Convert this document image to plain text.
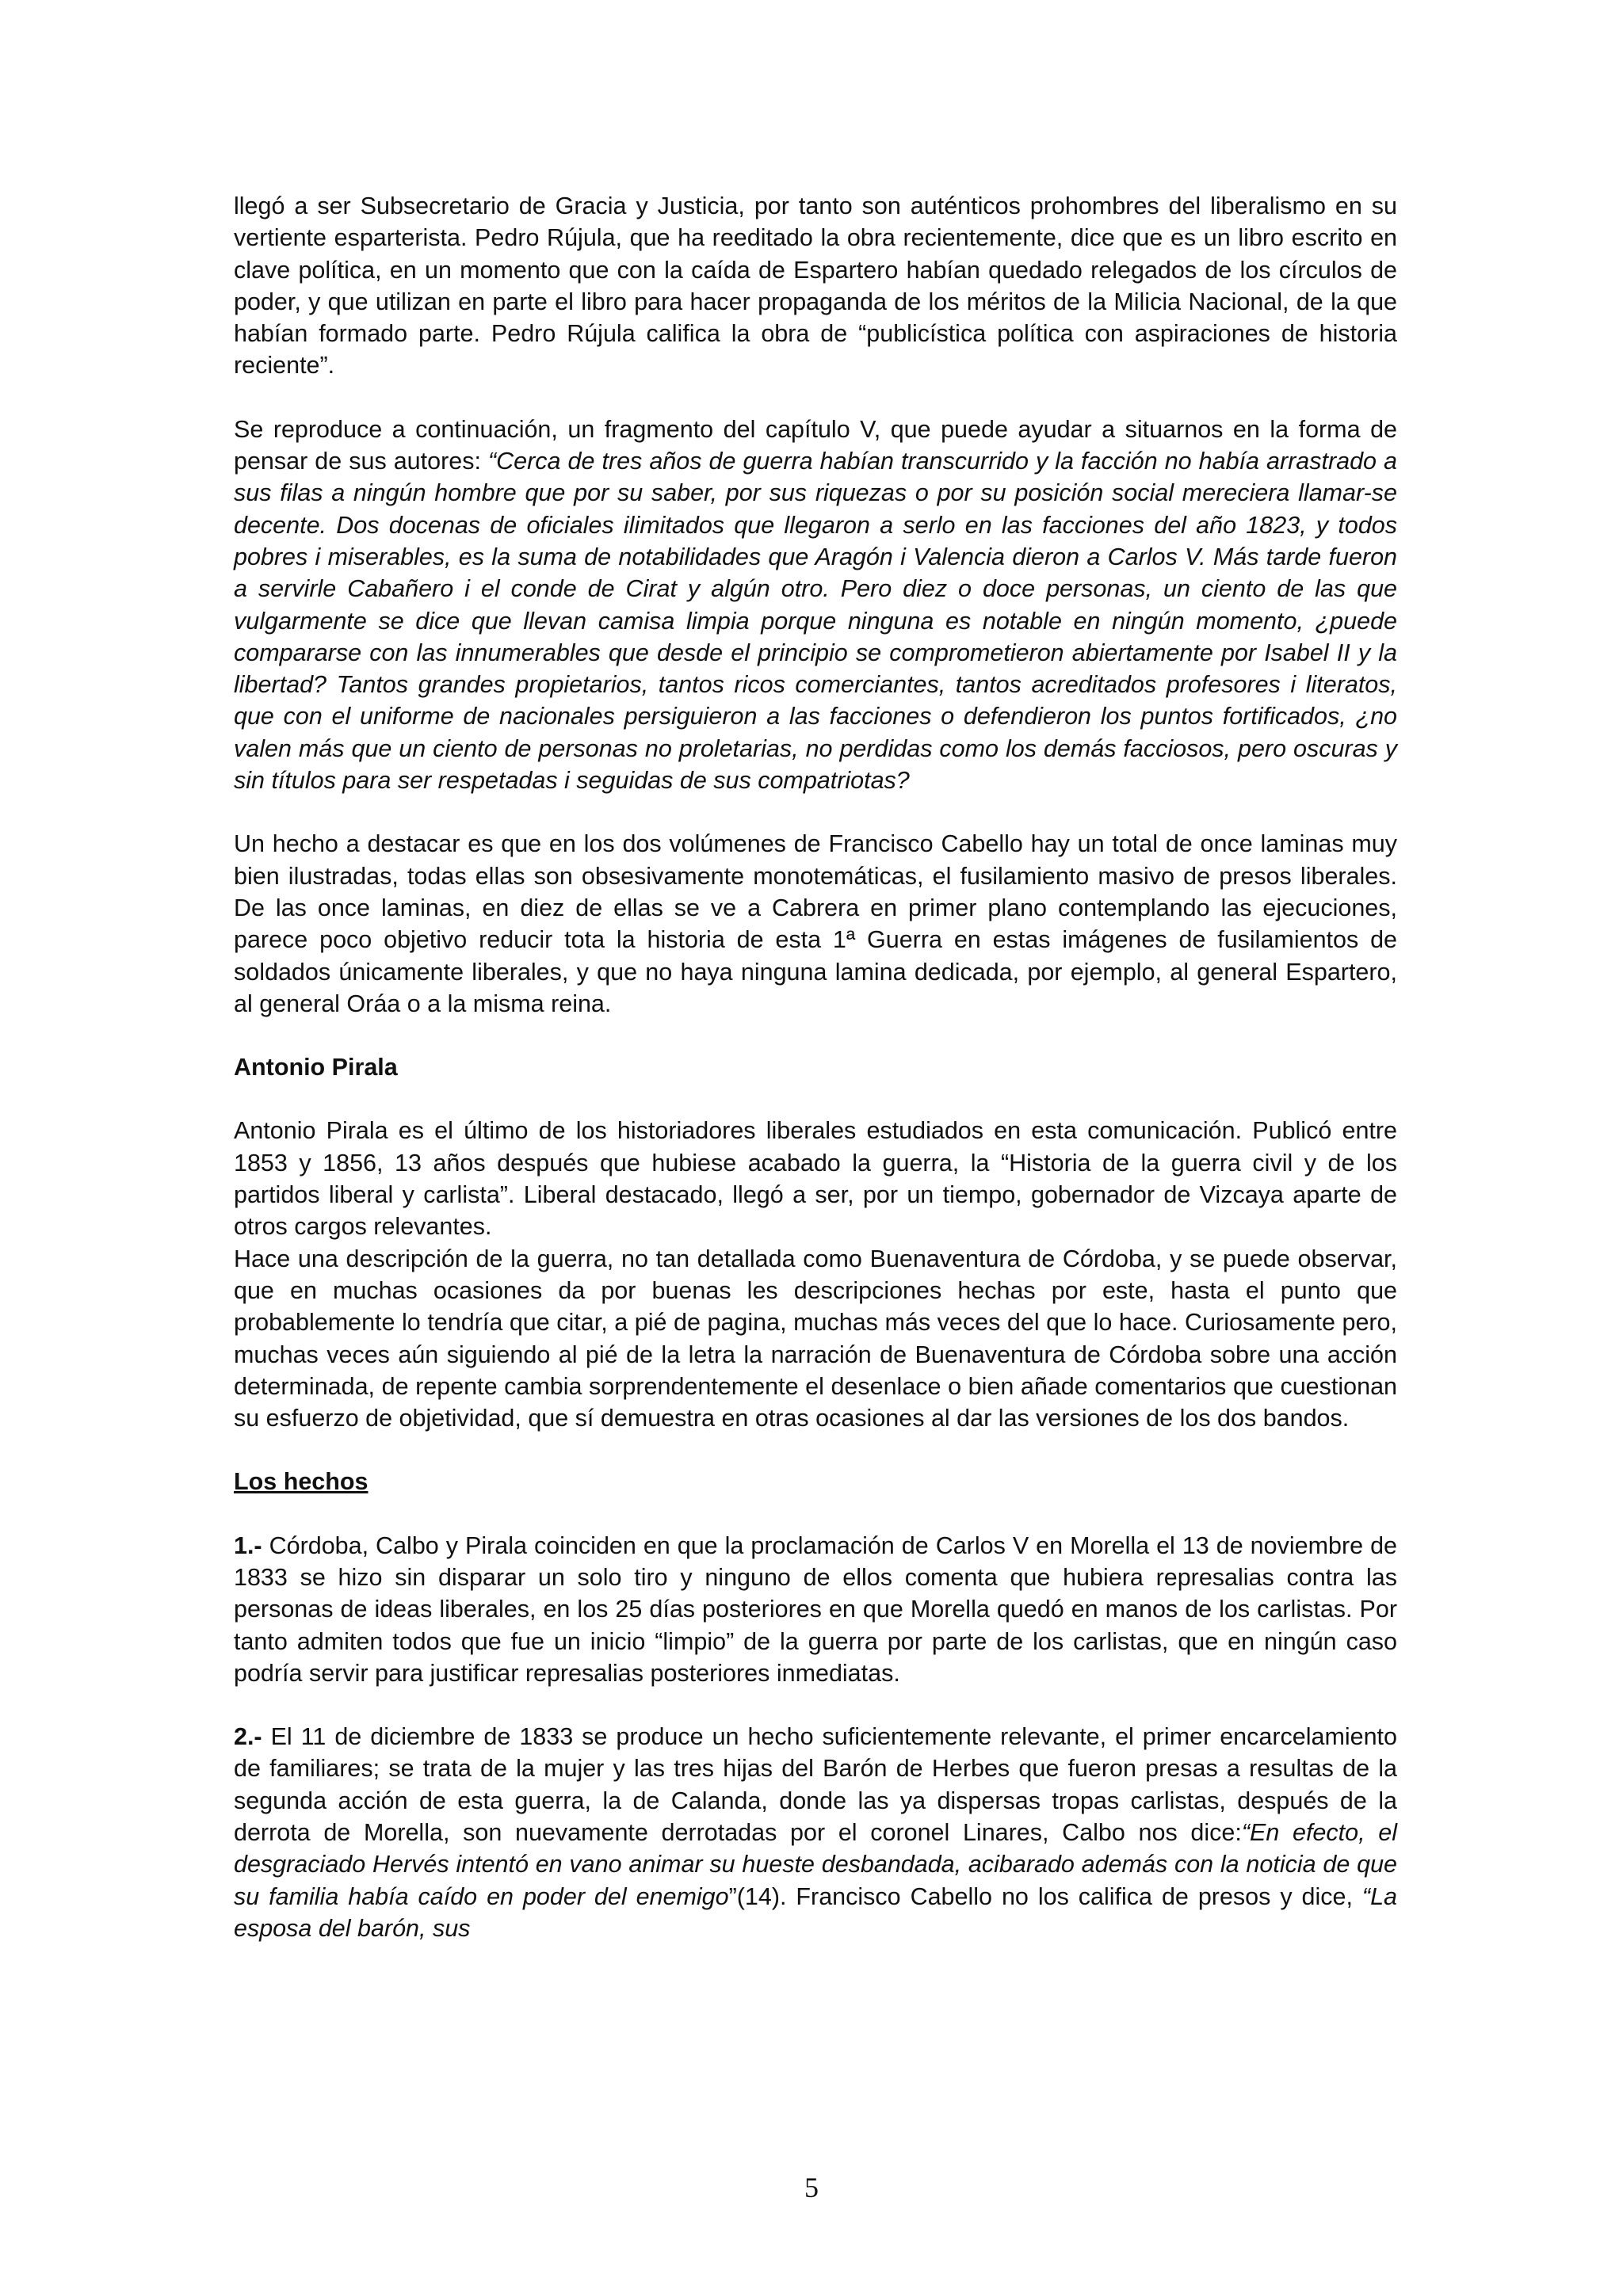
llegó a ser Subsecretario de Gracia y Justicia, por tanto son auténticos prohombres del liberalismo en su vertiente esparterista. Pedro Rújula, que ha reeditado la obra recientemente, dice que es un libro escrito en clave política, en un momento que con la caída de Espartero habían quedado relegados de los círculos de poder, y que utilizan en parte el libro para hacer propaganda de los méritos de la Milicia Nacional, de la que habían formado parte. Pedro Rújula califica la obra de “publicística política con aspiraciones de historia reciente”.

Se reproduce a continuación, un fragmento del capítulo V, que puede ayudar a situarnos en la forma de pensar de sus autores: “Cerca de tres años de guerra habían transcurrido y la facción no había arrastrado a sus filas a ningún hombre que por su saber, por sus riquezas o por su posición social mereciera llamar-se decente. Dos docenas de oficiales ilimitados que llegaron a serlo en las facciones del año 1823, y todos pobres i miserables, es la suma de notabilidades que Aragón i Valencia dieron a Carlos V. Más tarde fueron a servirle Cabañero i el conde de Cirat y algún otro. Pero diez o doce personas, un ciento de las que vulgarmente se dice que llevan camisa limpia porque ninguna es notable en ningún momento, ¿puede compararse con las innumerables que desde el principio se comprometieron abiertamente por Isabel II y la libertad? Tantos grandes propietarios, tantos ricos comerciantes, tantos acreditados profesores i literatos, que con el uniforme de nacionales persiguieron a las facciones o defendieron los puntos fortificados, ¿no valen más que un ciento de personas no proletarias, no perdidas como los demás facciosos, pero oscuras y sin títulos para ser respetadas i seguidas de sus compatriotas?

Un hecho a destacar es que en los dos volúmenes de Francisco Cabello hay un total de once laminas muy bien ilustradas, todas ellas son obsesivamente monotemáticas, el fusilamiento masivo de presos liberales. De las once laminas, en diez de ellas se ve a Cabrera en primer plano contemplando las ejecuciones, parece poco objetivo reducir tota la historia de esta 1ª Guerra en estas imágenes de fusilamientos de soldados únicamente liberales, y que no haya ninguna lamina dedicada, por ejemplo, al general Espartero, al general Oráa o a la misma reina.

Antonio Pirala

Antonio Pirala es el último de los historiadores liberales estudiados en esta comunicación. Publicó entre 1853 y 1856, 13 años después que hubiese acabado la guerra, la “Historia de la guerra civil y de los partidos liberal y carlista”. Liberal destacado, llegó a ser, por un tiempo, gobernador de Vizcaya aparte de otros cargos relevantes.

Hace una descripción de la guerra, no tan detallada como Buenaventura de Córdoba, y se puede observar, que en muchas ocasiones da por buenas les descripciones hechas por este, hasta el punto que probablemente lo tendría que citar, a pié de pagina, muchas más veces del que lo hace. Curiosamente pero, muchas veces aún siguiendo al pié de la letra la narración de Buenaventura de Córdoba sobre una acción determinada, de repente cambia sorprendentemente el desenlace o bien añade comentarios que cuestionan su esfuerzo de objetividad, que sí demuestra en otras ocasiones al dar las versiones de los dos bandos.

Los hechos

1.- Córdoba, Calbo y Pirala coinciden en que la proclamación de Carlos V en Morella el 13 de noviembre de 1833 se hizo sin disparar un solo tiro y ninguno de ellos comenta que hubiera represalias contra las personas de ideas liberales, en los 25 días posteriores en que Morella quedó en manos de los carlistas. Por tanto admiten todos que fue un inicio “limpio” de la guerra por parte de los carlistas, que en ningún caso podría servir para justificar represalias posteriores inmediatas.

2.- El 11 de diciembre de 1833 se produce un hecho suficientemente relevante, el primer encarcelamiento de familiares; se trata de la mujer y las tres hijas del Barón de Herbes que fueron presas a resultas de la segunda acción de esta guerra, la de Calanda, donde las ya dispersas tropas carlistas, después de la derrota de Morella, son nuevamente derrotadas por el coronel Linares, Calbo nos dice:“En efecto, el desgraciado Hervés intentó en vano animar su hueste desbandada, acibarado además con la noticia de que su familia había caído en poder del enemigo”(14). Francisco Cabello no los califica de presos y dice, “La esposa del barón, sus

5
